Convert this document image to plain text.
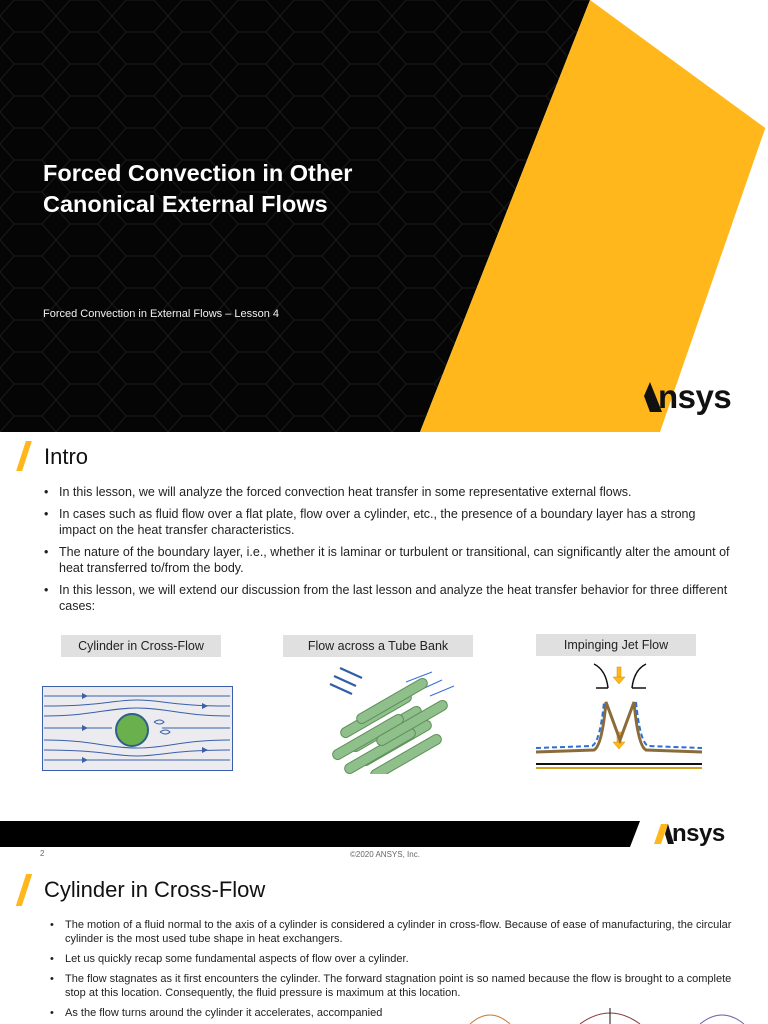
Forced Convection in Other
Canonical External Flows
Forced Convection in External Flows – Lesson 4
nsys
Intro
• In this lesson, we will analyze the forced convection heat transfer in some representative external flows.
• In cases such as fluid flow over a flat plate, flow over a cylinder, etc., the presence of a boundary layer has a strong impact on the heat transfer characteristics.
• The nature of the boundary layer, i.e., whether it is laminar or turbulent or transitional, can significantly alter the amount of heat transferred to/from the body.
• In this lesson, we will extend our discussion from the last lesson and analyze the heat transfer behavior for three different cases:
Cylinder in Cross-Flow	Flow across a Tube Bank	Impinging Jet Flow
nsys
2	©2020 ANSYS, Inc.
Cylinder in Cross-Flow
• The motion of a fluid normal to the axis of a cylinder is considered a cylinder in cross-flow. Because of ease of manufacturing, the circular cylinder is the most used tube shape in heat exchangers.
• Let us quickly recap some fundamental aspects of flow over a cylinder.
• The flow stagnates as it first encounters the cylinder. The forward stagnation point is so named because the flow is brought to a complete stop at this location. Consequently, the fluid pressure is maximum at this location.
• As the flow turns around the cylinder it accelerates, accompanied
